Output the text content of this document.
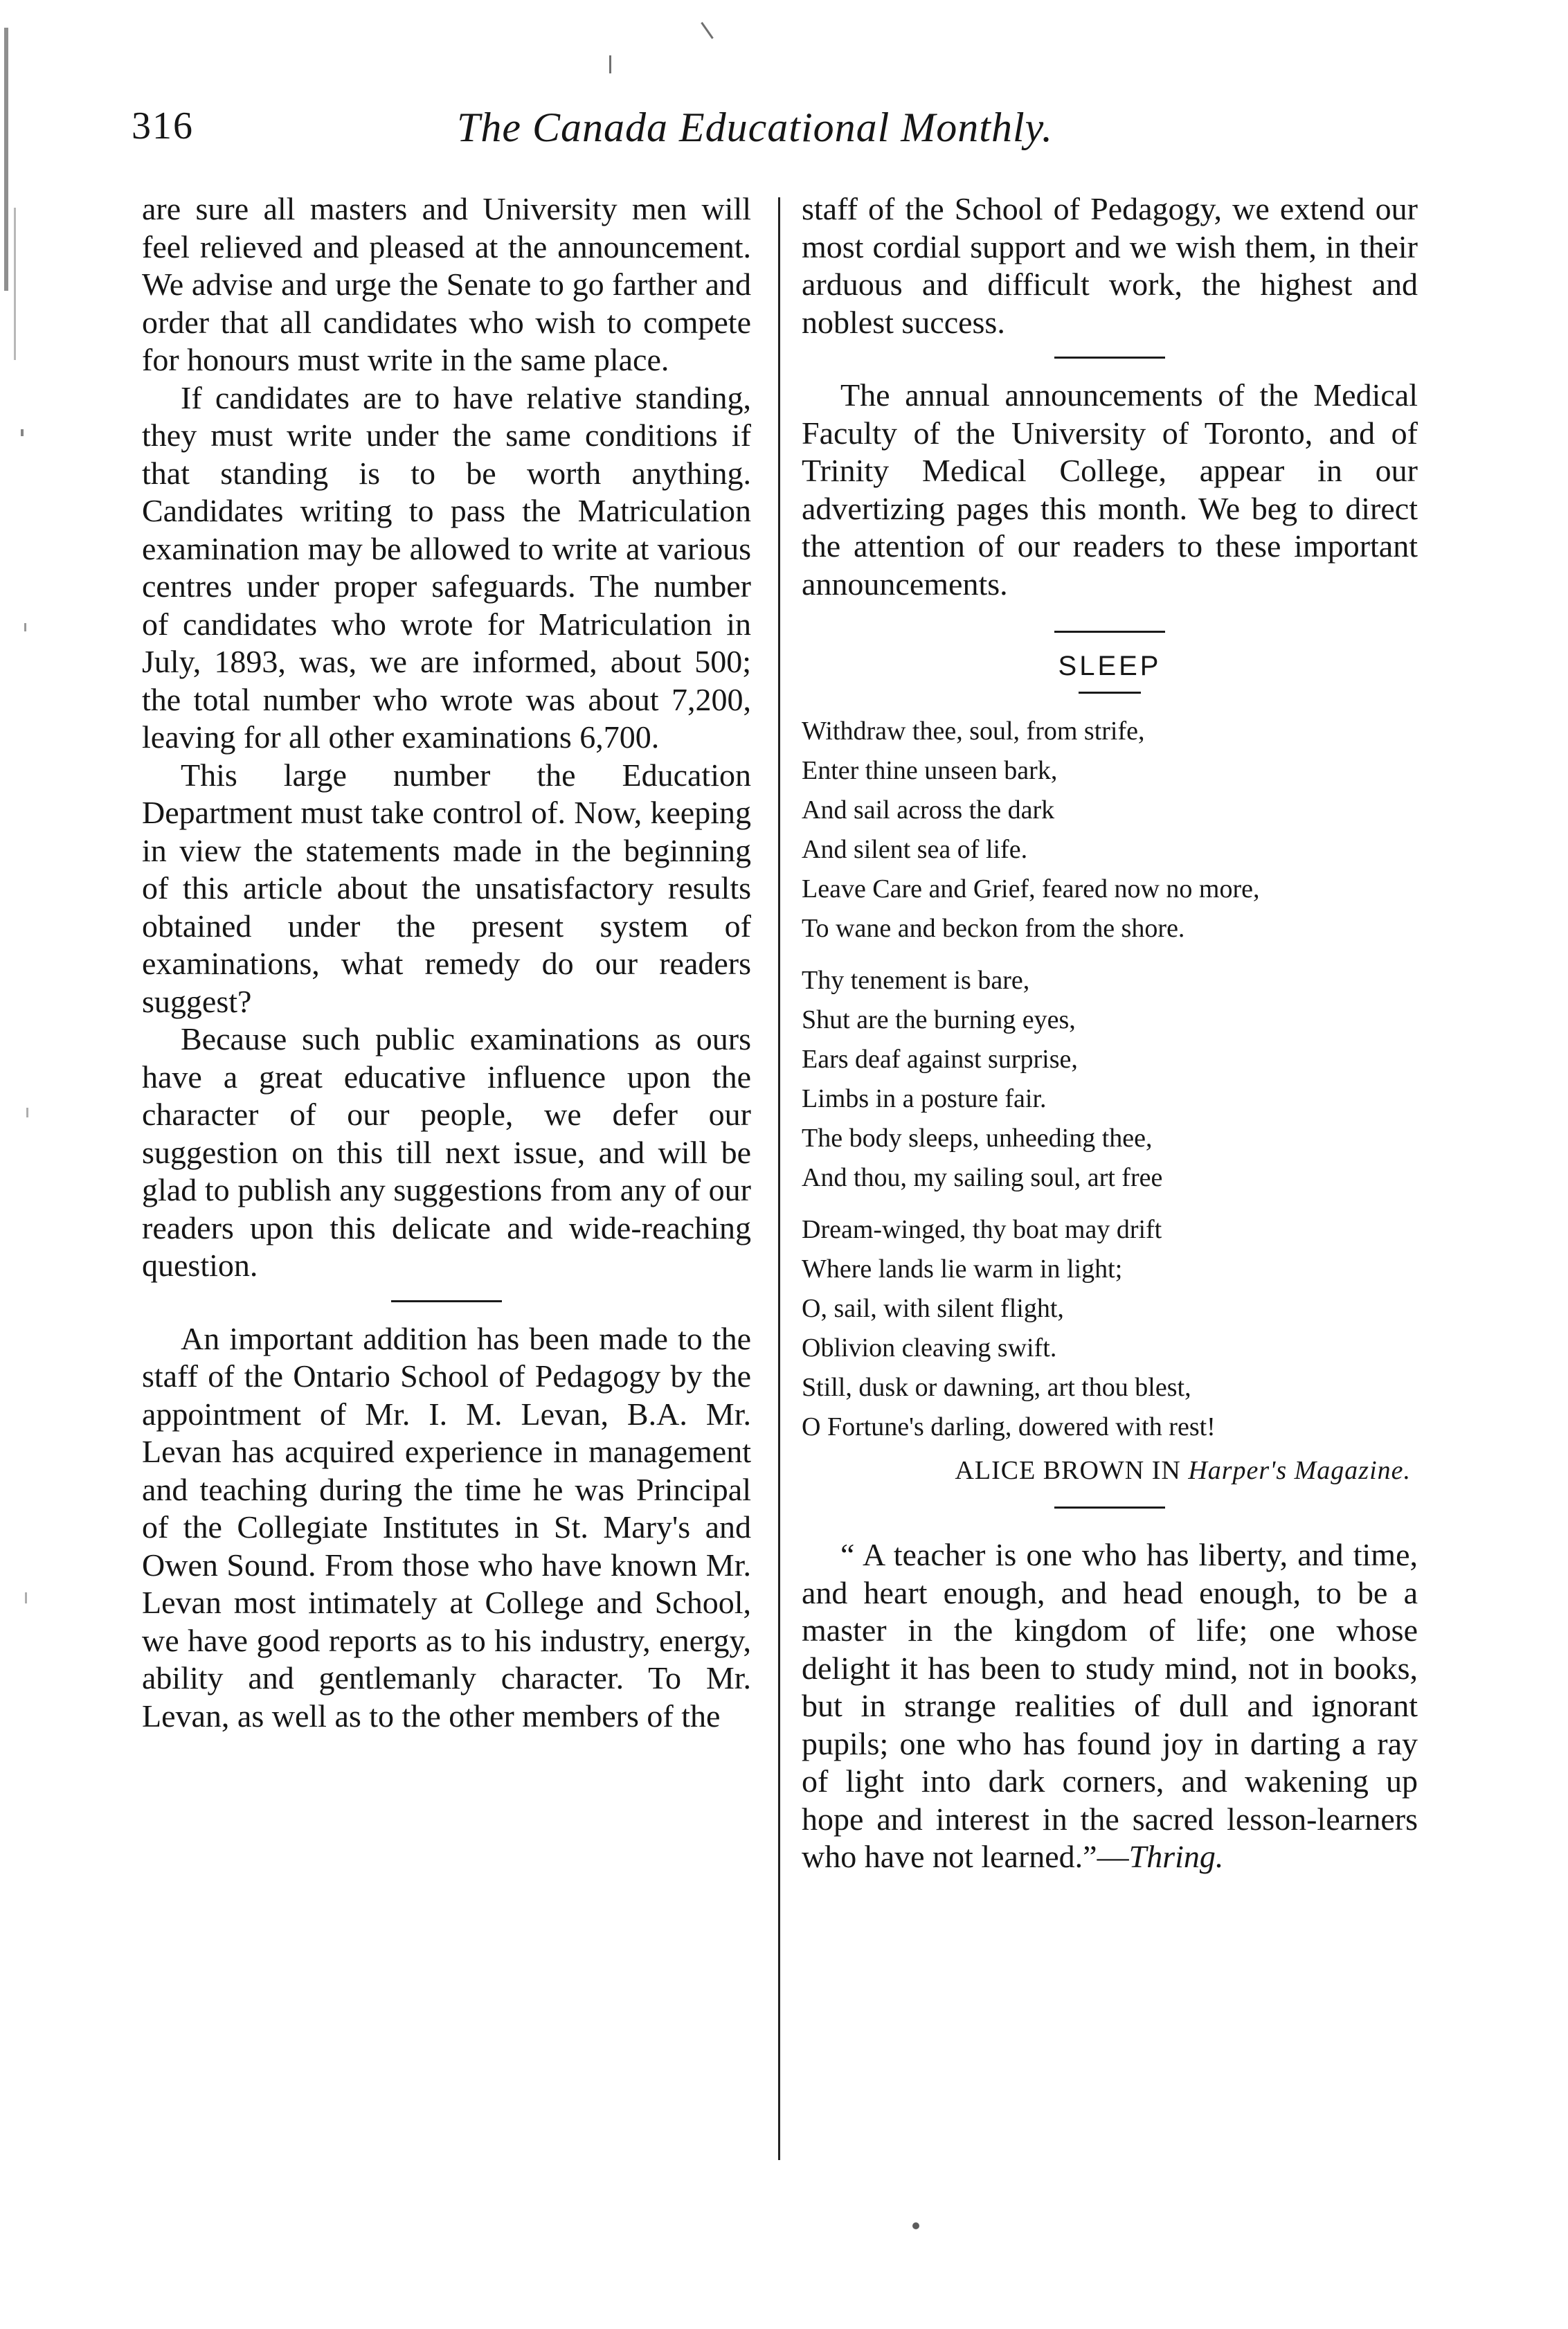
316	The Canada Educational Monthly.

are sure all masters and University men will feel relieved and pleased at the announcement. We advise and urge the Senate to go farther and order that all candidates who wish to compete for honours must write in the same place.

If candidates are to have relative standing, they must write under the same conditions if that standing is to be worth anything. Candidates writing to pass the Matriculation examination may be allowed to write at various centres under proper safeguards. The number of candidates who wrote for Matriculation in July, 1893, was, we are informed, about 500; the total number who wrote was about 7,200, leaving for all other examinations 6,700.

This large number the Education Department must take control of. Now, keeping in view the statements made in the beginning of this article about the unsatisfactory results obtained under the present system of examinations, what remedy do our readers suggest?

Because such public examinations as ours have a great educative influence upon the character of our people, we defer our suggestion on this till next issue, and will be glad to publish any suggestions from any of our readers upon this delicate and wide-reaching question.

An important addition has been made to the staff of the Ontario School of Pedagogy by the appointment of Mr. I. M. Levan, B.A. Mr. Levan has acquired experience in management and teaching during the time he was Principal of the Collegiate Institutes in St. Mary's and Owen Sound. From those who have known Mr. Levan most intimately at College and School, we have good reports as to his industry, energy, ability and gentlemanly character. To Mr. Levan, as well as to the other members of the

staff of the School of Pedagogy, we extend our most cordial support and we wish them, in their arduous and difficult work, the highest and noblest success.

The annual announcements of the Medical Faculty of the University of Toronto, and of Trinity Medical College, appear in our advertizing pages this month. We beg to direct the attention of our readers to these important announcements.

SLEEP
Withdraw thee, soul, from strife,
Enter thine unseen bark,
And sail across the dark
And silent sea of life.
Leave Care and Grief, feared now no more,
To wane and beckon from the shore.
Thy tenement is bare,
Shut are the burning eyes,
Ears deaf against surprise,
Limbs in a posture fair.
The body sleeps, unheeding thee,
And thou, my sailing soul, art free
Dream-winged, thy boat may drift
Where lands lie warm in light;
O, sail, with silent flight,
Oblivion cleaving swift.
Still, dusk or dawning, art thou blest,
O Fortune's darling, dowered with rest!
ALICE BROWN IN Harper's Magazine.

“ A teacher is one who has liberty, and time, and heart enough, and head enough, to be a master in the kingdom of life; one whose delight it has been to study mind, not in books, but in strange realities of dull and ignorant pupils; one who has found joy in darting a ray of light into dark corners, and wakening up hope and interest in the sacred lesson-learners who have not learned.”—Thring.
